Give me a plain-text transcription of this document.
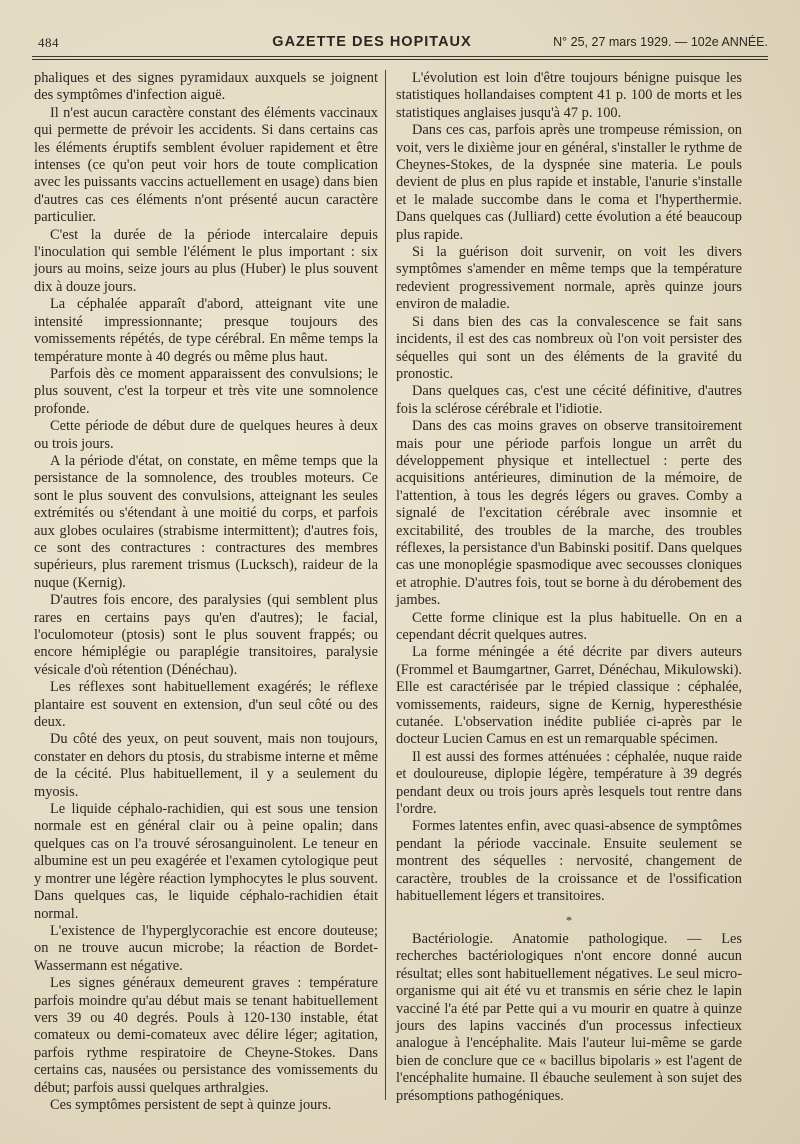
484	GAZETTE DES HOPITAUX	N° 25, 27 mars 1929. — 102e ANNÉE.

phaliques et des signes pyramidaux auxquels se joignent des symptômes d'infection aiguë.

Il n'est aucun caractère constant des éléments vaccinaux qui permette de prévoir les accidents. Si dans certains cas les éléments éruptifs semblent évoluer rapidement et être intenses (ce qu'on peut voir hors de toute complication avec les puissants vaccins actuellement en usage) dans bien d'autres cas ces éléments n'ont présenté aucun caractère particulier.

C'est la durée de la période intercalaire depuis l'inoculation qui semble l'élément le plus important : six jours au moins, seize jours au plus (Huber) le plus souvent dix à douze jours.

La céphalée apparaît d'abord, atteignant vite une intensité impressionnante; presque toujours des vomissements répétés, de type cérébral. En même temps la température monte à 40 degrés ou même plus haut.

Parfois dès ce moment apparaissent des convulsions; le plus souvent, c'est la torpeur et très vite une somnolence profonde.

Cette période de début dure de quelques heures à deux ou trois jours.

A la période d'état, on constate, en même temps que la persistance de la somnolence, des troubles moteurs. Ce sont le plus souvent des convulsions, atteignant les seules extrémités ou s'étendant à une moitié du corps, et parfois aux globes oculaires (strabisme intermittent); d'autres fois, ce sont des contractures : contractures des membres supérieurs, plus rarement trismus (Lucksch), raideur de la nuque (Kernig).

D'autres fois encore, des paralysies (qui semblent plus rares en certains pays qu'en d'autres); le facial, l'oculomoteur (ptosis) sont le plus souvent frappés; ou encore hémiplégie ou paraplégie transitoires, paralysie vésicale d'où rétention (Dénéchau).

Les réflexes sont habituellement exagérés; le réflexe plantaire est souvent en extension, d'un seul côté ou des deux.

Du côté des yeux, on peut souvent, mais non toujours, constater en dehors du ptosis, du strabisme interne et même de la cécité. Plus habituellement, il y a seulement du myosis.

Le liquide céphalo-rachidien, qui est sous une tension normale est en général clair ou à peine opalin; dans quelques cas on l'a trouvé sérosanguinolent. Le teneur en albumine est un peu exagérée et l'examen cytologique peut y montrer une légère réaction lymphocytes le plus souvent. Dans quelques cas, le liquide céphalo-rachidien était normal.

L'existence de l'hyperglycorachie est encore douteuse; on ne trouve aucun microbe; la réaction de Bordet-Wassermann est négative.

Les signes généraux demeurent graves : température parfois moindre qu'au début mais se tenant habituellement vers 39 ou 40 degrés. Pouls à 120-130 instable, état comateux ou demi-comateux avec délire léger; agitation, parfois rythme respiratoire de Cheyne-Stokes. Dans certains cas, nausées ou persistance des vomissements du début; parfois aussi quelques arthralgies.

Ces symptômes persistent de sept à quinze jours.

L'évolution est loin d'être toujours bénigne puisque les statistiques hollandaises comptent 41 p. 100 de morts et les statistiques anglaises jusqu'à 47 p. 100.

Dans ces cas, parfois après une trompeuse rémission, on voit, vers le dixième jour en général, s'installer le rythme de Cheynes-Stokes, de la dyspnée sine materia. Le pouls devient de plus en plus rapide et instable, l'anurie s'installe et le malade succombe dans le coma et l'hyperthermie. Dans quelques cas (Julliard) cette évolution a été beaucoup plus rapide.

Si la guérison doit survenir, on voit les divers symptômes s'amender en même temps que la température redevient progressivement normale, après quinze jours environ de maladie.

Si dans bien des cas la convalescence se fait sans incidents, il est des cas nombreux où l'on voit persister des séquelles qui sont un des éléments de la gravité du pronostic.

Dans quelques cas, c'est une cécité définitive, d'autres fois la sclérose cérébrale et l'idiotie.

Dans des cas moins graves on observe transitoirement mais pour une période parfois longue un arrêt du développement physique et intellectuel : perte des acquisitions antérieures, diminution de la mémoire, de l'attention, à tous les degrés légers ou graves. Comby a signalé de l'excitation cérébrale avec insomnie et excitabilité, des troubles de la marche, des troubles réflexes, la persistance d'un Babinski positif. Dans quelques cas une monoplégie spasmodique avec secousses cloniques et atrophie. D'autres fois, tout se borne à du dérobement des jambes.

Cette forme clinique est la plus habituelle. On en a cependant décrit quelques autres.

La forme méningée a été décrite par divers auteurs (Frommel et Baumgartner, Garret, Dénéchau, Mikulowski). Elle est caractérisée par le trépied classique : céphalée, vomissements, raideurs, signe de Kernig, hyperesthésie cutanée. L'observation inédite publiée ci-après par le docteur Lucien Camus en est un remarquable spécimen.

Il est aussi des formes atténuées : céphalée, nuque raide et douloureuse, diplopie légère, température à 39 degrés pendant deux ou trois jours après lesquels tout rentre dans l'ordre.

Formes latentes enfin, avec quasi-absence de symptômes pendant la période vaccinale. Ensuite seulement se montrent des séquelles : nervosité, changement de caractère, troubles de la croissance et de l'ossification habituellement légers et transitoires.

*

Bactériologie. Anatomie pathologique. — Les recherches bactériologiques n'ont encore donné aucun résultat; elles sont habituellement négatives. Le seul micro-organisme qui ait été vu et transmis en série chez le lapin vacciné l'a été par Pette qui a vu mourir en quatre à quinze jours des lapins vaccinés d'un processus infectieux analogue à l'encéphalite. Mais l'auteur lui-même se garde bien de conclure que ce « bacillus bipolaris » est l'agent de l'encéphalite humaine. Il ébauche seulement à son sujet des présomptions pathogéniques.
